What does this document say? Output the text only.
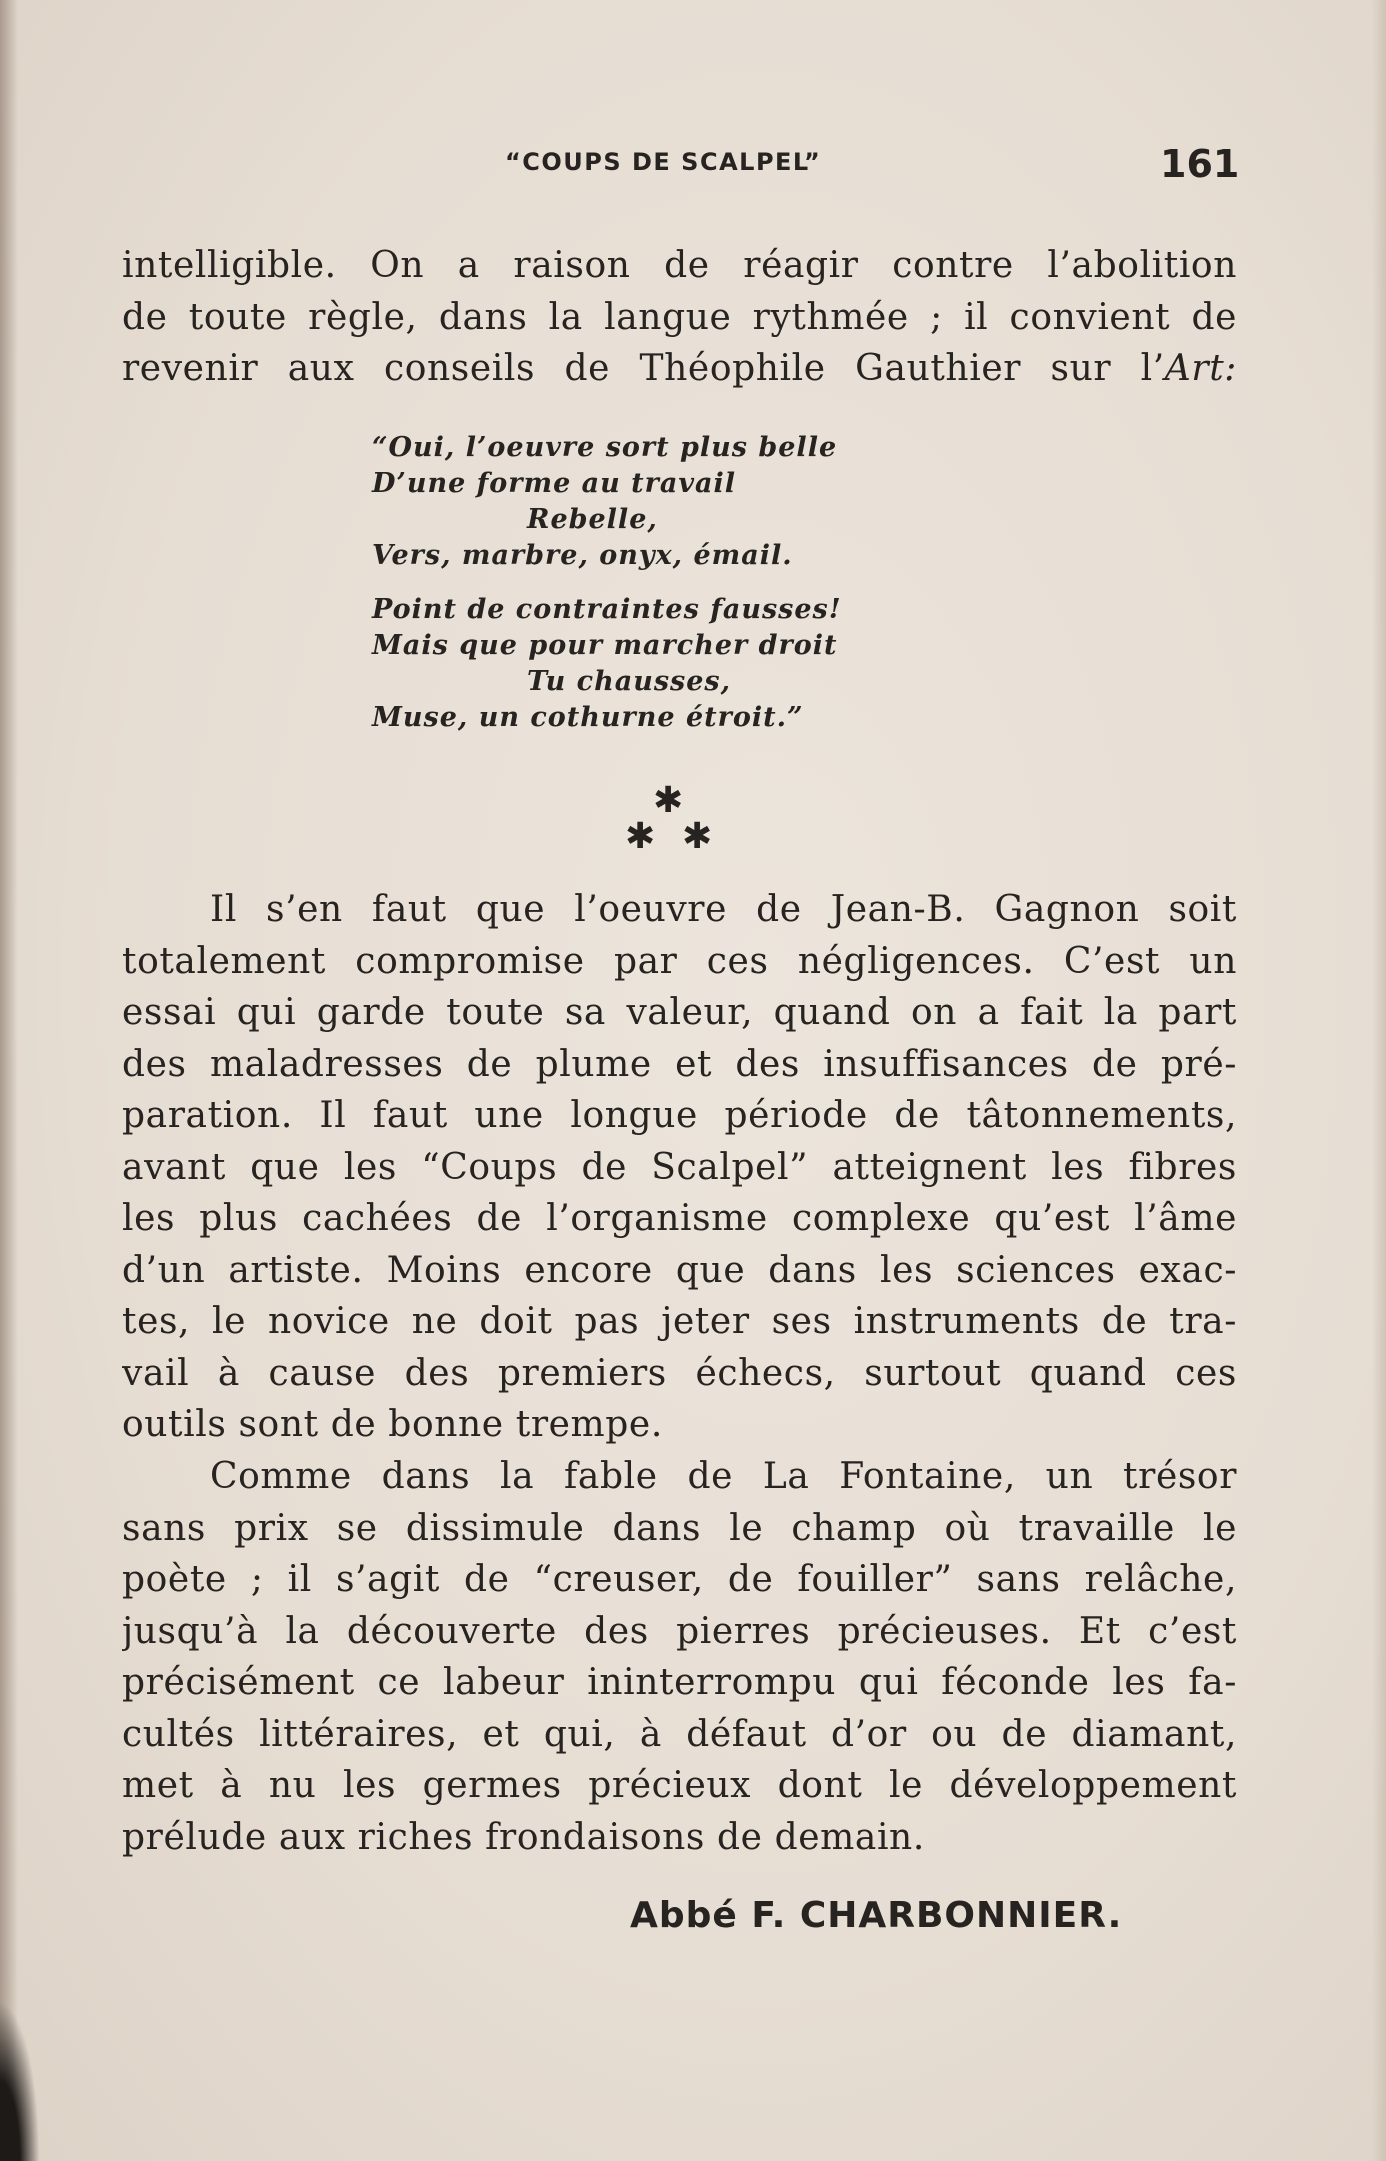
“COUPS DE SCALPEL”	161
intelligible. On a raison de réagir contre l’abolition
de toute règle, dans la langue rythmée ; il convient de
revenir aux conseils de Théophile Gauthier sur l’Art:
“Oui, l’oeuvre sort plus belle
D’une forme au travail
Rebelle,
Vers, marbre, onyx, émail.
Point de contraintes fausses!
Mais que pour marcher droit
Tu chausses,
Muse, un cothurne étroit.”
✱
✱ ✱
Il s’en faut que l’oeuvre de Jean-B. Gagnon soit
totalement compromise par ces négligences. C’est un
essai qui garde toute sa valeur, quand on a fait la part
des maladresses de plume et des insuffisances de pré-
paration. Il faut une longue période de tâtonnements,
avant que les “Coups de Scalpel” atteignent les fibres
les plus cachées de l’organisme complexe qu’est l’âme
d’un artiste. Moins encore que dans les sciences exac-
tes, le novice ne doit pas jeter ses instruments de tra-
vail à cause des premiers échecs, surtout quand ces
outils sont de bonne trempe.
Comme dans la fable de La Fontaine, un trésor
sans prix se dissimule dans le champ où travaille le
poète ; il s’agit de “creuser, de fouiller” sans relâche,
jusqu’à la découverte des pierres précieuses. Et c’est
précisément ce labeur ininterrompu qui féconde les fa-
cultés littéraires, et qui, à défaut d’or ou de diamant,
met à nu les germes précieux dont le développement
prélude aux riches frondaisons de demain.
Abbé F. CHARBONNIER.
